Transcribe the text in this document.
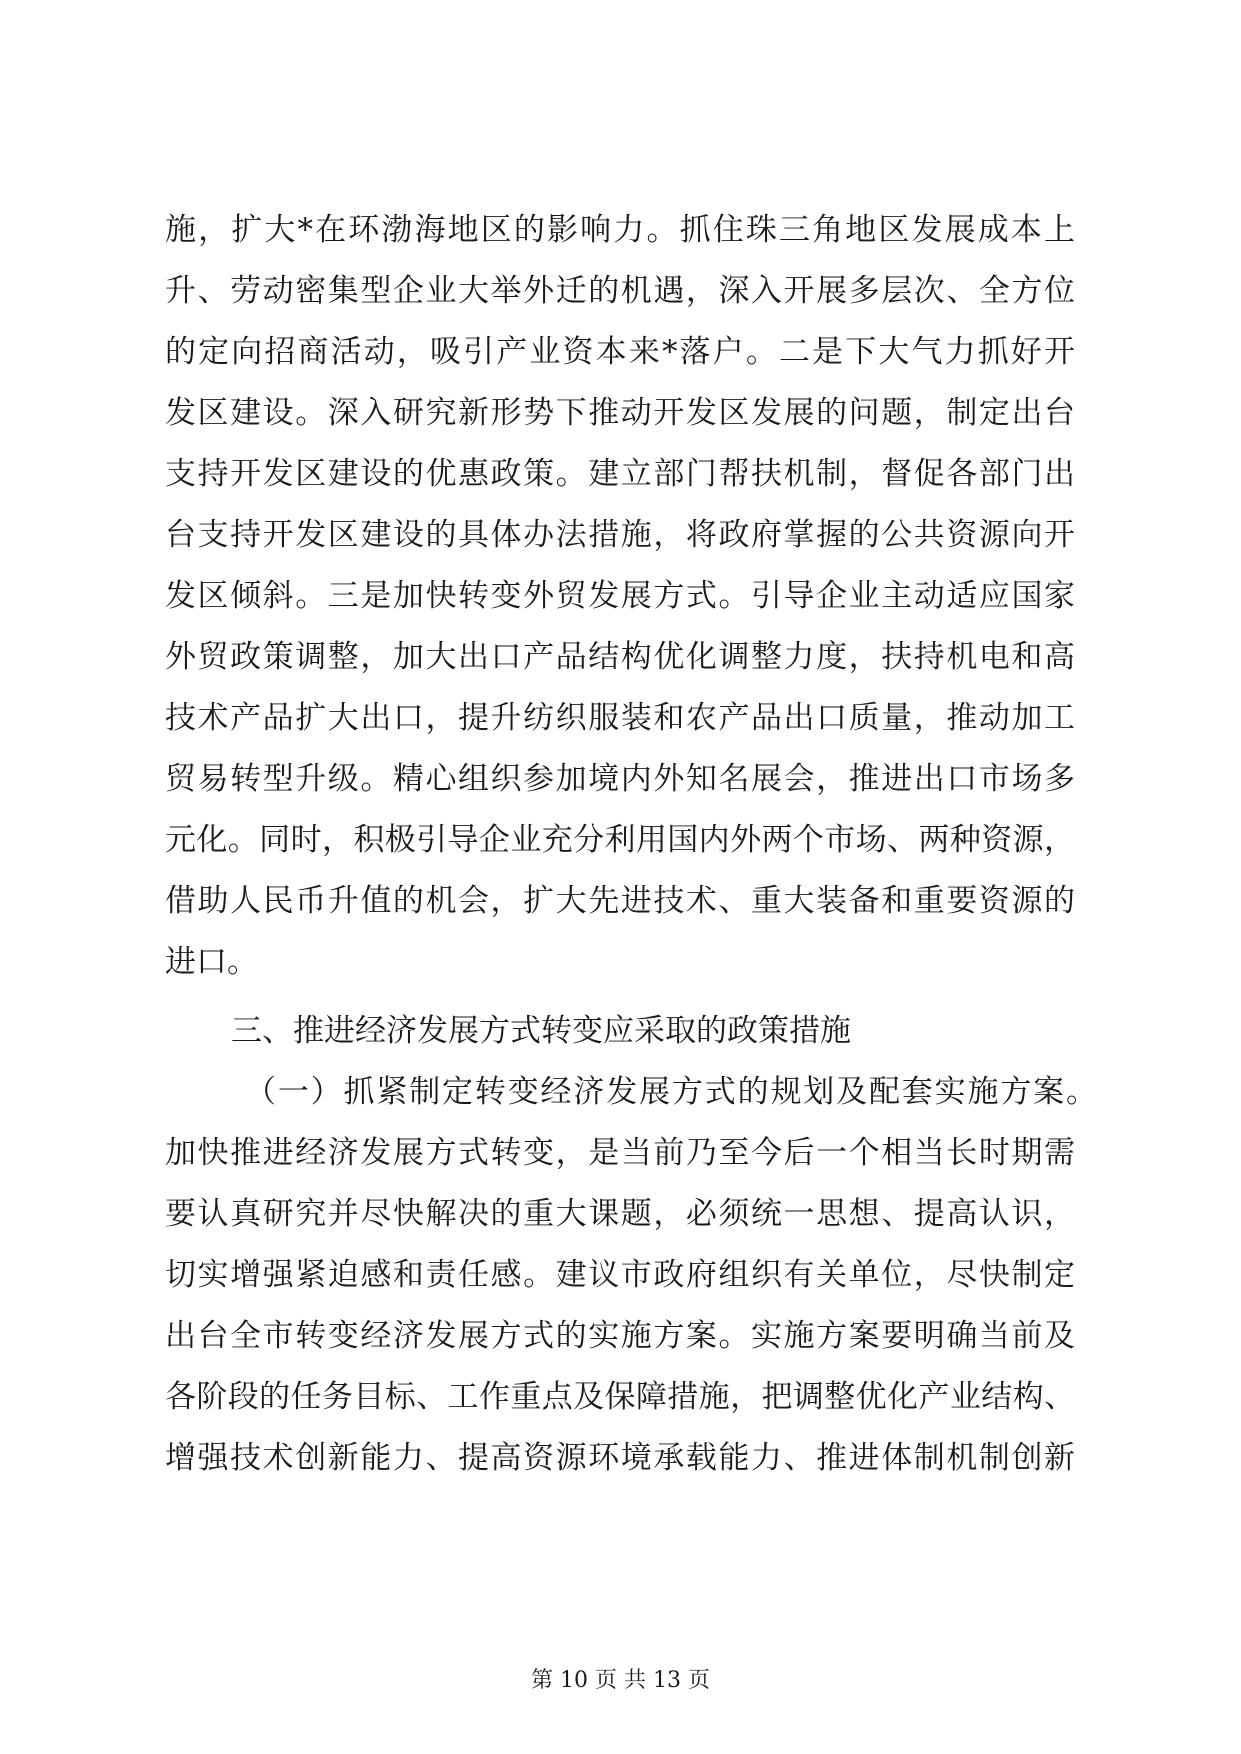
施，扩大*在环渤海地区的影响力。抓住珠三角地区发展成本上
升、劳动密集型企业大举外迁的机遇，深入开展多层次、全方位
的定向招商活动，吸引产业资本来*落户。二是下大气力抓好开
发区建设。深入研究新形势下推动开发区发展的问题，制定出台
支持开发区建设的优惠政策。建立部门帮扶机制，督促各部门出
台支持开发区建设的具体办法措施，将政府掌握的公共资源向开
发区倾斜。三是加快转变外贸发展方式。引导企业主动适应国家
外贸政策调整，加大出口产品结构优化调整力度，扶持机电和高
技术产品扩大出口，提升纺织服装和农产品出口质量，推动加工
贸易转型升级。精心组织参加境内外知名展会，推进出口市场多
元化。同时，积极引导企业充分利用国内外两个市场、两种资源，
借助人民币升值的机会，扩大先进技术、重大装备和重要资源的
进口。
三、推进经济发展方式转变应采取的政策措施
（一）抓紧制定转变经济发展方式的规划及配套实施方案。
加快推进经济发展方式转变，是当前乃至今后一个相当长时期需
要认真研究并尽快解决的重大课题，必须统一思想、提高认识，
切实增强紧迫感和责任感。建议市政府组织有关单位，尽快制定
出台全市转变经济发展方式的实施方案。实施方案要明确当前及
各阶段的任务目标、工作重点及保障措施，把调整优化产业结构、
增强技术创新能力、提高资源环境承载能力、推进体制机制创新
第 10 页 共 13 页
